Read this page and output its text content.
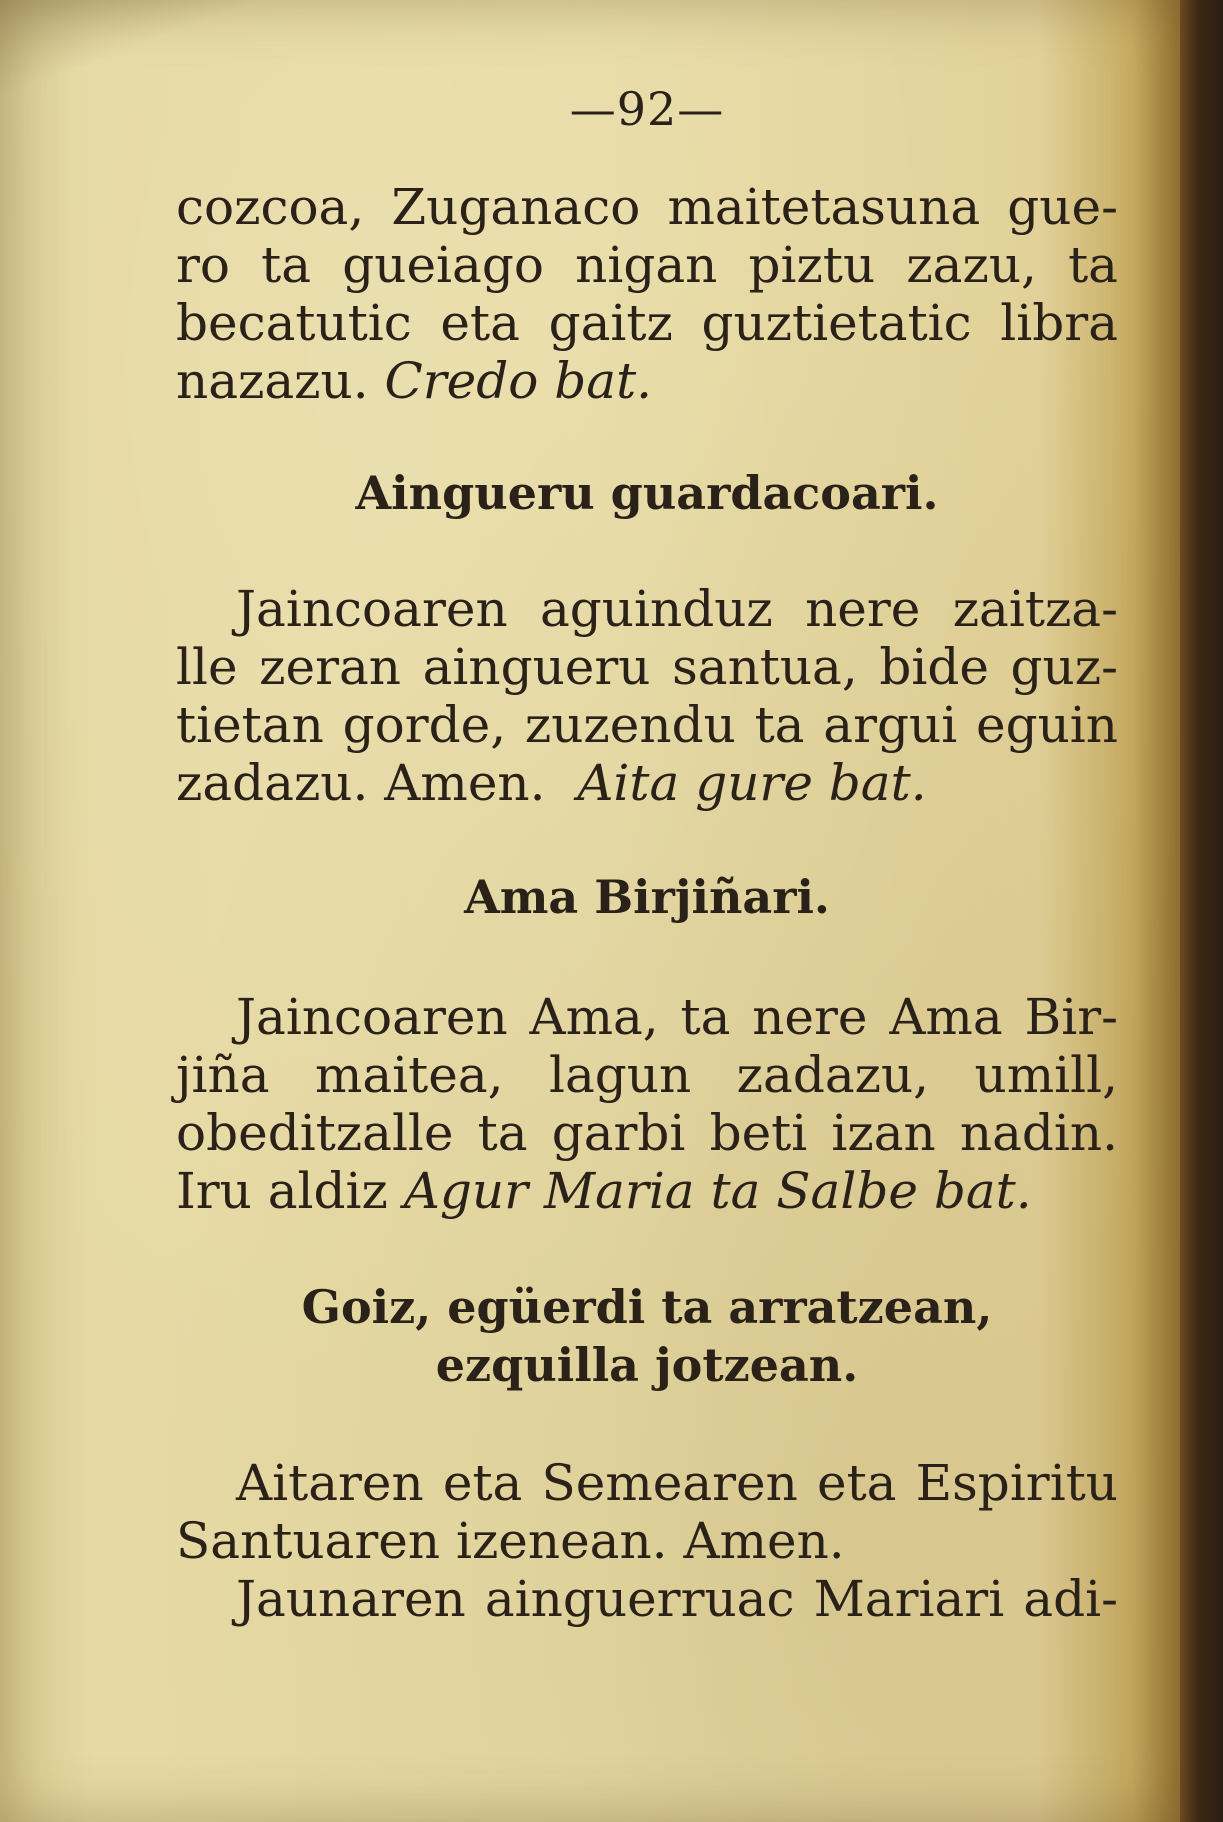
—92—
cozcoa, Zuganaco maitetasuna gue-
ro ta gueiago nigan piztu zazu, ta
becatutic eta gaitz guztietatic libra
nazazu. Credo bat.
Aingueru guardacoari.
Jaincoaren aguinduz nere zaitza-
lle zeran aingueru santua, bide guz-
tietan gorde, zuzendu ta argui eguin
zadazu. Amen. Aita gure bat.
Ama Birjiñari.
Jaincoaren Ama, ta nere Ama Bir-
jiña maitea, lagun zadazu, umill,
obeditzalle ta garbi beti izan nadin.
Iru aldiz Agur Maria ta Salbe bat.
Goiz, egüerdi ta arratzean,
ezquilla jotzean.
Aitaren eta Semearen eta Espiritu
Santuaren izenean. Amen.
Jaunaren ainguerruac Mariari adi-
